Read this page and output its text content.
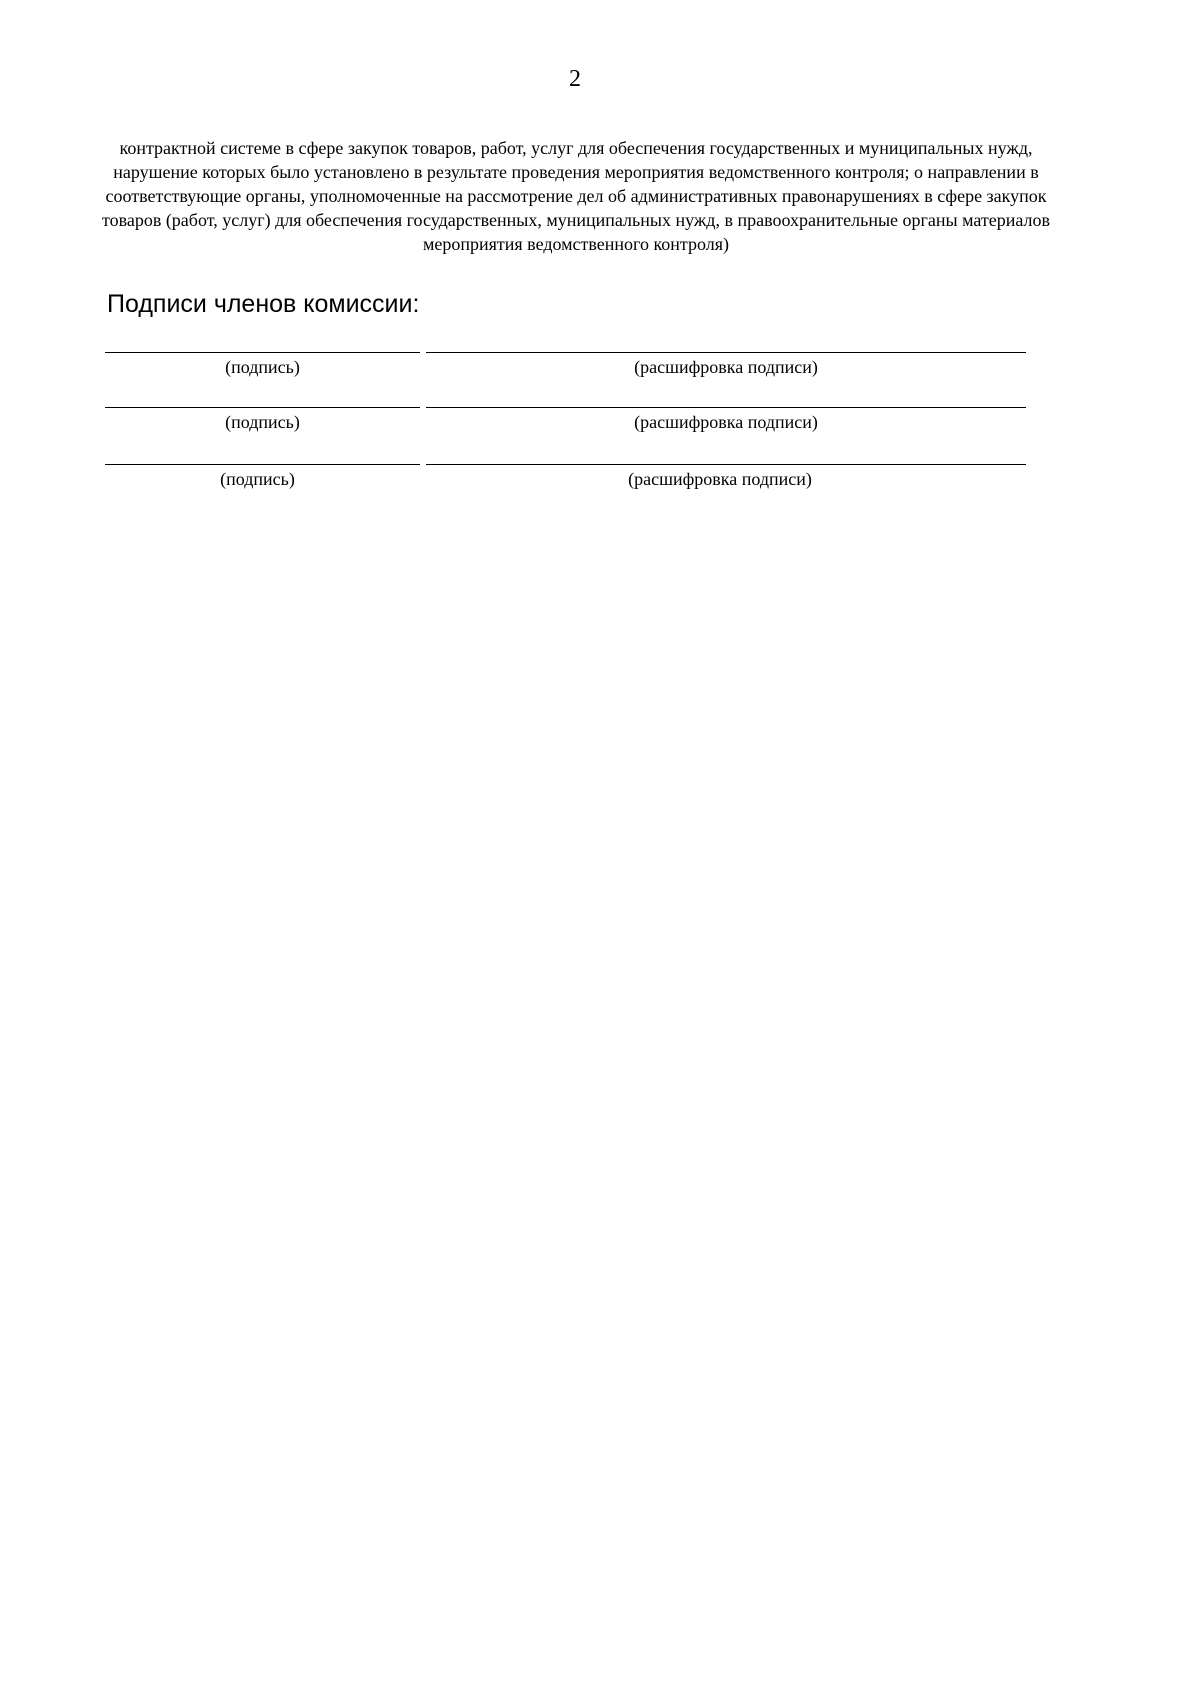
2
контрактной системе в сфере закупок товаров, работ, услуг для обеспечения государственных и муниципальных нужд,
нарушение которых было установлено в результате проведения мероприятия ведомственного контроля; о направлении в
соответствующие органы, уполномоченные на рассмотрение дел об административных правонарушениях в сфере закупок
товаров (работ, услуг) для обеспечения государственных, муниципальных нужд, в правоохранительные органы материалов
мероприятия ведомственного контроля)
Подписи членов комиссии:
(подпись)	(расшифровка подписи)
(подпись)	(расшифровка подписи)
(подпись)	(расшифровка подписи)
